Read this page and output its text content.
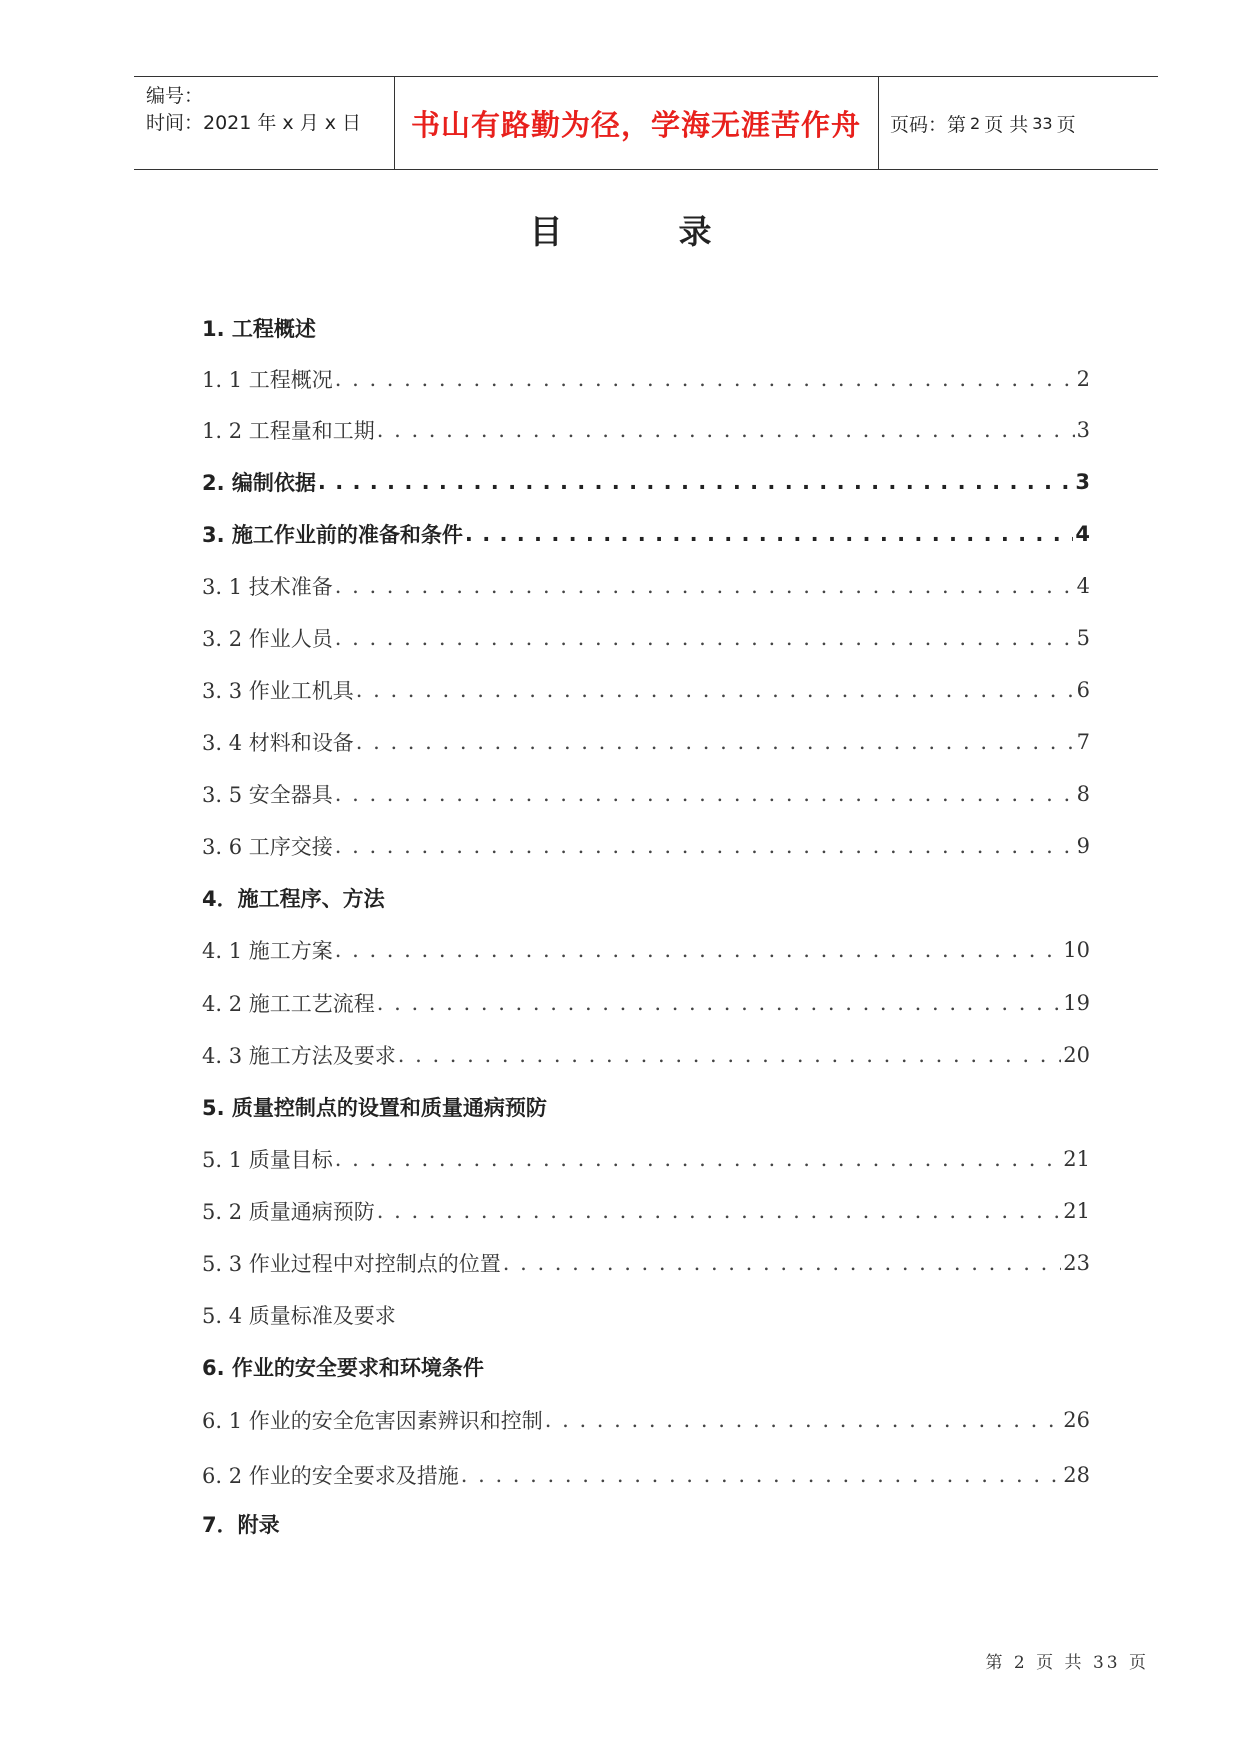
编号：
时间：2021 年 x 月 x 日	书山有路勤为径，学海无涯苦作舟	页码：第 2 页 共 33 页
目	录
1. 工程概述
1. 1 工程概况 . . .	2
1. 2 工程量和工期 . . .	3
2. 编制依据 . . .	3
3. 施工作业前的准备和条件 . . .	4
3. 1 技术准备 . . .	4
3. 2 作业人员 . . .	5
3. 3 作业工机具 . . .	6
3. 4 材料和设备 . . .	7
3. 5 安全器具 . . .	8
3. 6 工序交接 . . .	9
4．施工程序、方法
4. 1 施工方案 . . .	10
4. 2 施工工艺流程 . . .	19
4. 3 施工方法及要求 . . .	20
5. 质量控制点的设置和质量通病预防
5. 1 质量目标 . . .	21
5. 2 质量通病预防 . . .	21
5. 3 作业过程中对控制点的位置 . . .	23
5. 4 质量标准及要求
6. 作业的安全要求和环境条件
6. 1 作业的安全危害因素辨识和控制 . . .	26
6. 2 作业的安全要求及措施 . . .	28
7．附录
第 2 页 共 33 页
